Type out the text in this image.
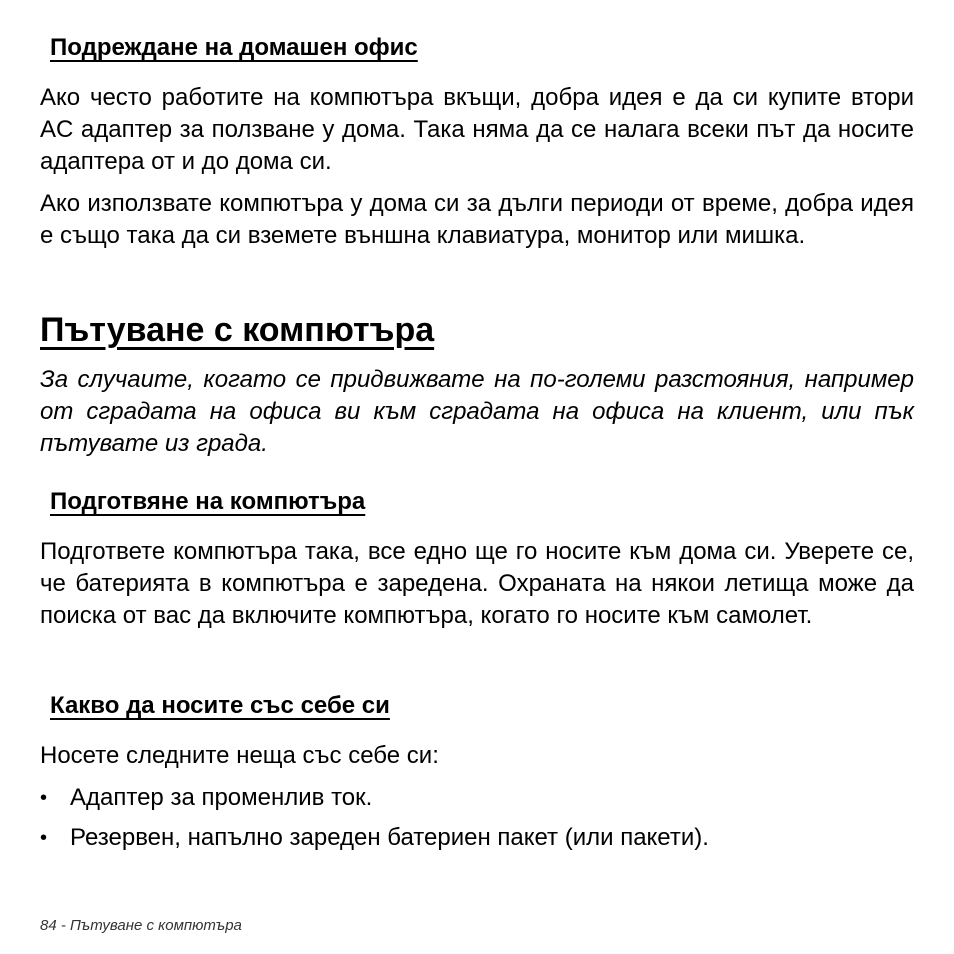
Подреждане на домашен офис

Ако често работите на компютъра вкъщи, добра идея е да си купите втори AC адаптер за ползване у дома. Така няма да се налага всеки път да носите адаптера от и до дома си.

Ако използвате компютъра у дома си за дълги периоди от време, добра идея е също така да си вземете външна клавиатура, монитор или мишка.

Пътуване с компютъра

За случаите, когато се придвижвате на по-големи разстояния, например от сградата на офиса ви към сградата на офиса на клиент, или пък пътувате из града.

Подготвяне на компютъра

Подгответе компютъра така, все едно ще го носите към дома си. Уверете се, че батерията в компютъра е заредена. Охраната на някои летища може да поиска от вас да включите компютъра, когато го носите към самолет.

Какво да носите със себе си

Носете следните неща със себе си:

• Адаптер за променлив ток.
• Резервен, напълно зареден батериен пакет (или пакети).

84 - Пътуване с компютъра
